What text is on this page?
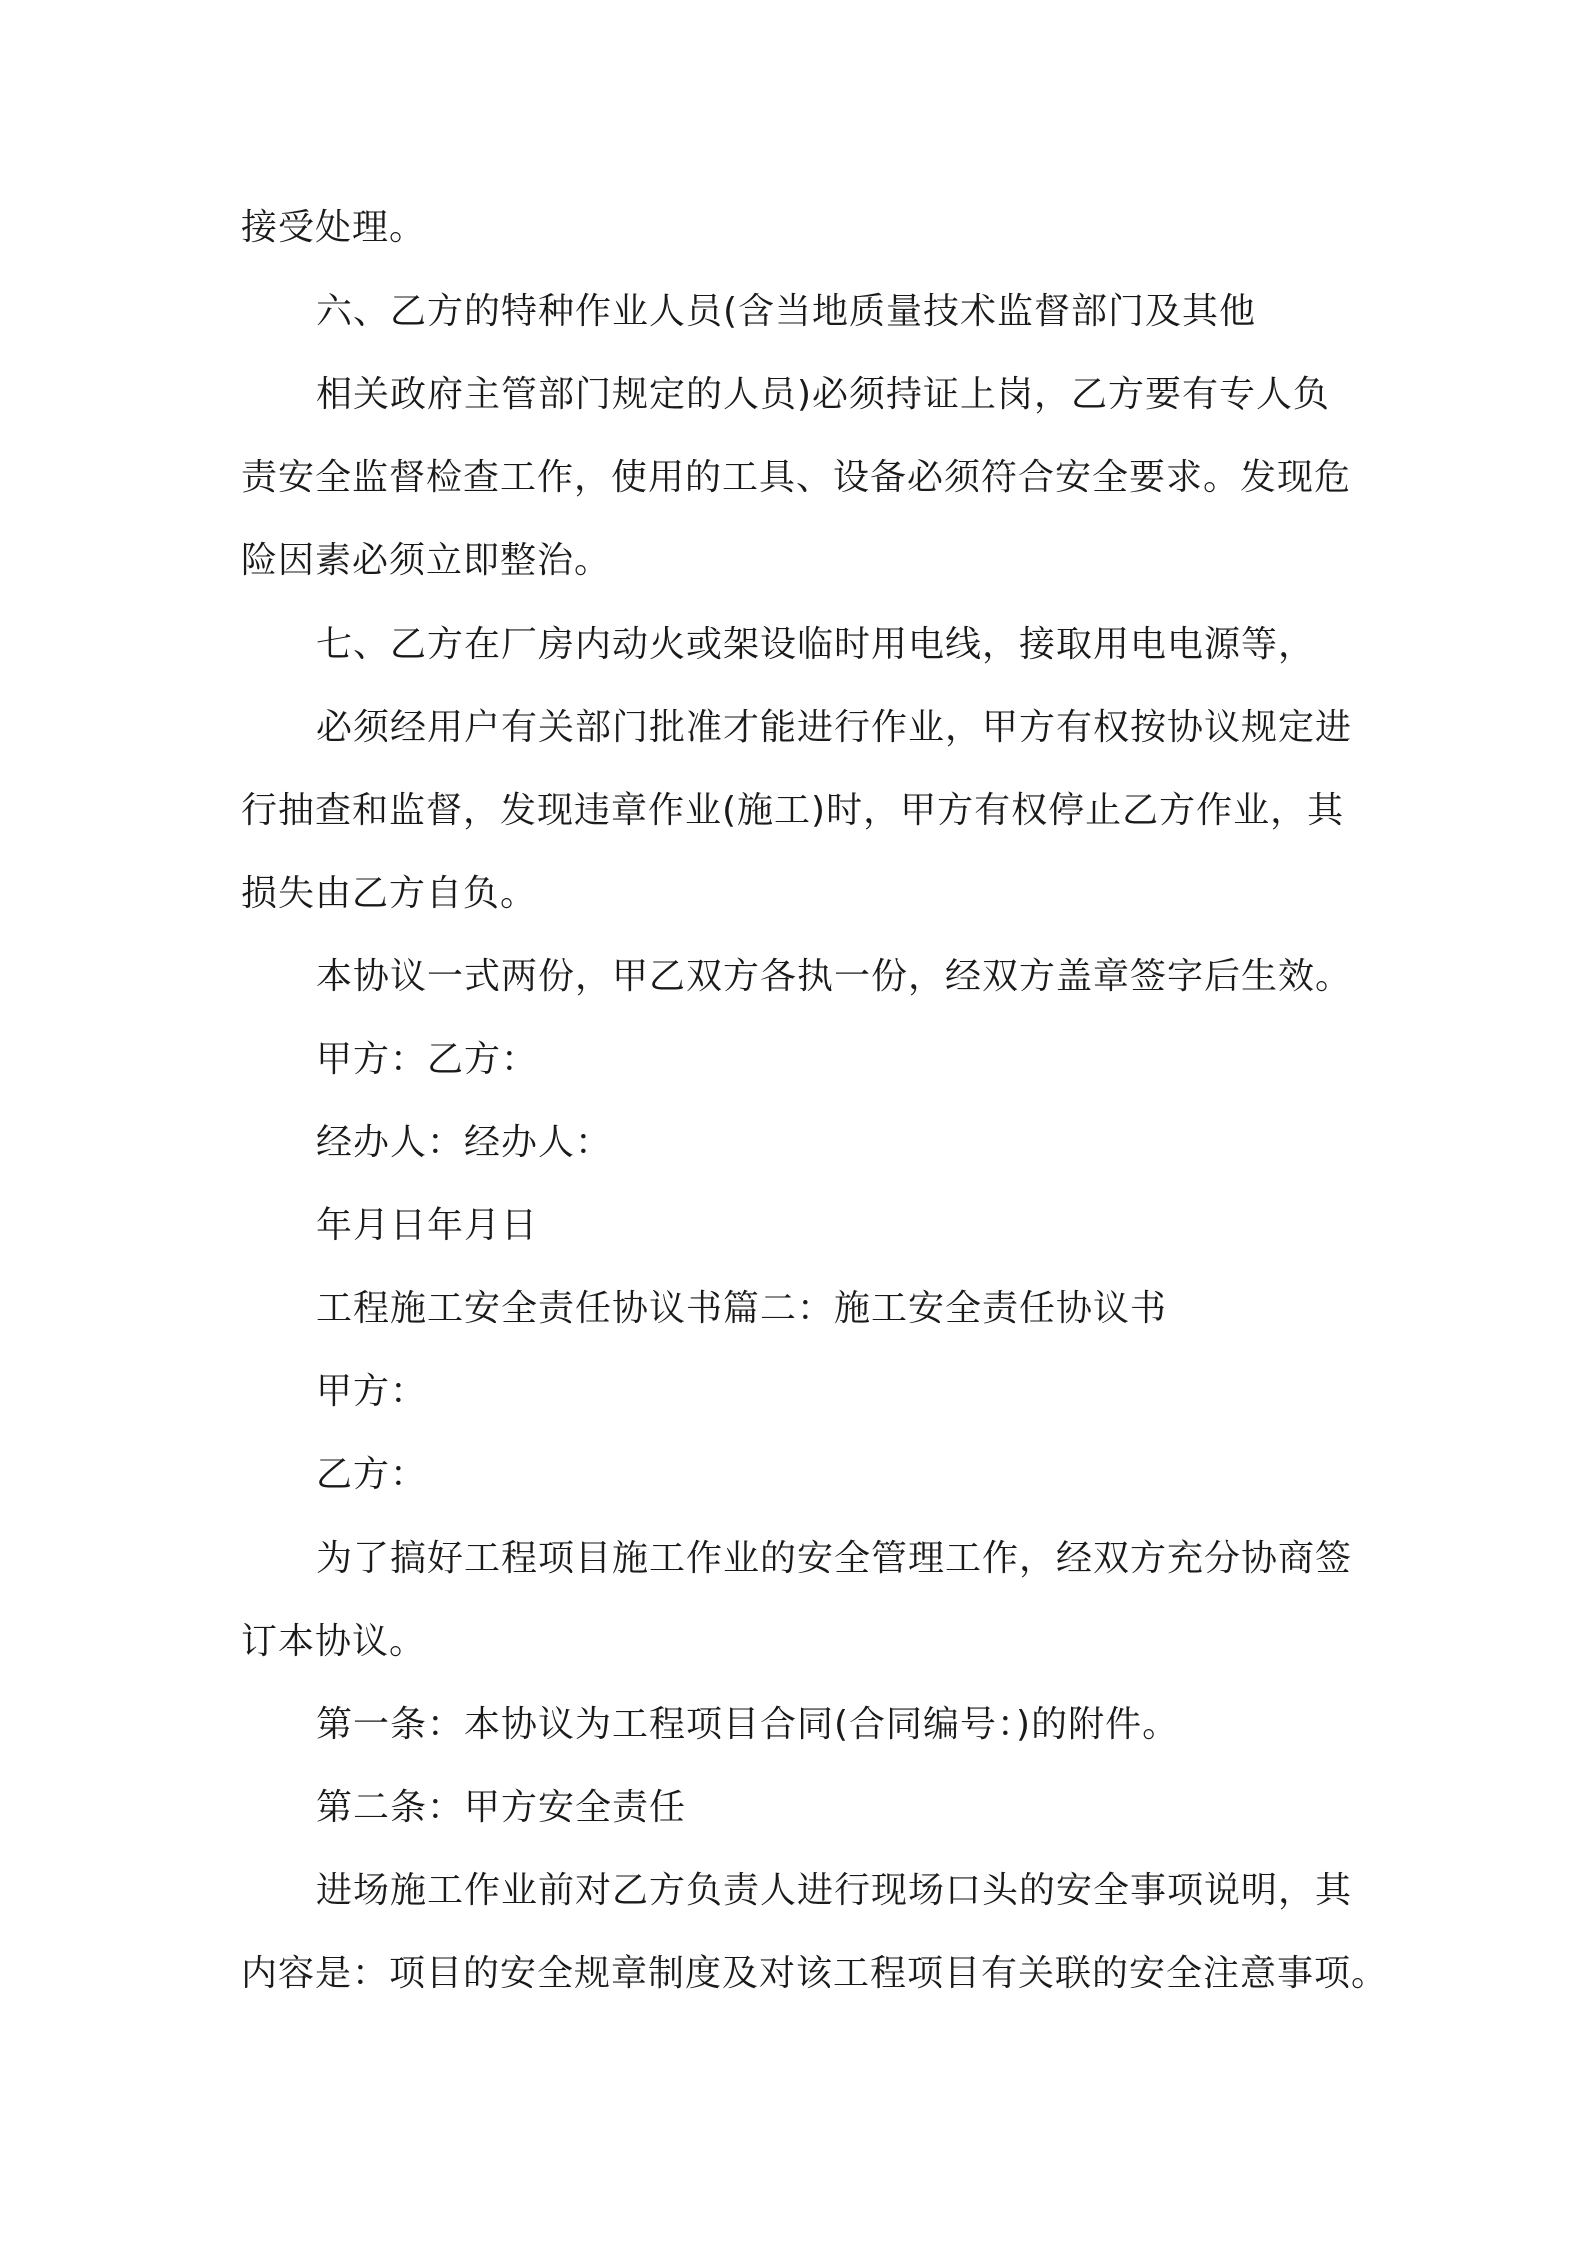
接受处理。
六、乙方的特种作业人员(含当地质量技术监督部门及其他
相关政府主管部门规定的人员)必须持证上岗，乙方要有专人负
责安全监督检查工作，使用的工具、设备必须符合安全要求。发现危
险因素必须立即整治。
七、乙方在厂房内动火或架设临时用电线，接取用电电源等，
必须经用户有关部门批准才能进行作业，甲方有权按协议规定进
行抽查和监督，发现违章作业(施工)时，甲方有权停止乙方作业，其
损失由乙方自负。
本协议一式两份，甲乙双方各执一份，经双方盖章签字后生效。
甲方：乙方：
经办人：经办人：
年月日年月日
工程施工安全责任协议书篇二：施工安全责任协议书
甲方：
乙方：
为了搞好工程项目施工作业的安全管理工作，经双方充分协商签
订本协议。
第一条：本协议为工程项目合同(合同编号：)的附件。
第二条：甲方安全责任
进场施工作业前对乙方负责人进行现场口头的安全事项说明，其
内容是：项目的安全规章制度及对该工程项目有关联的安全注意事项。
